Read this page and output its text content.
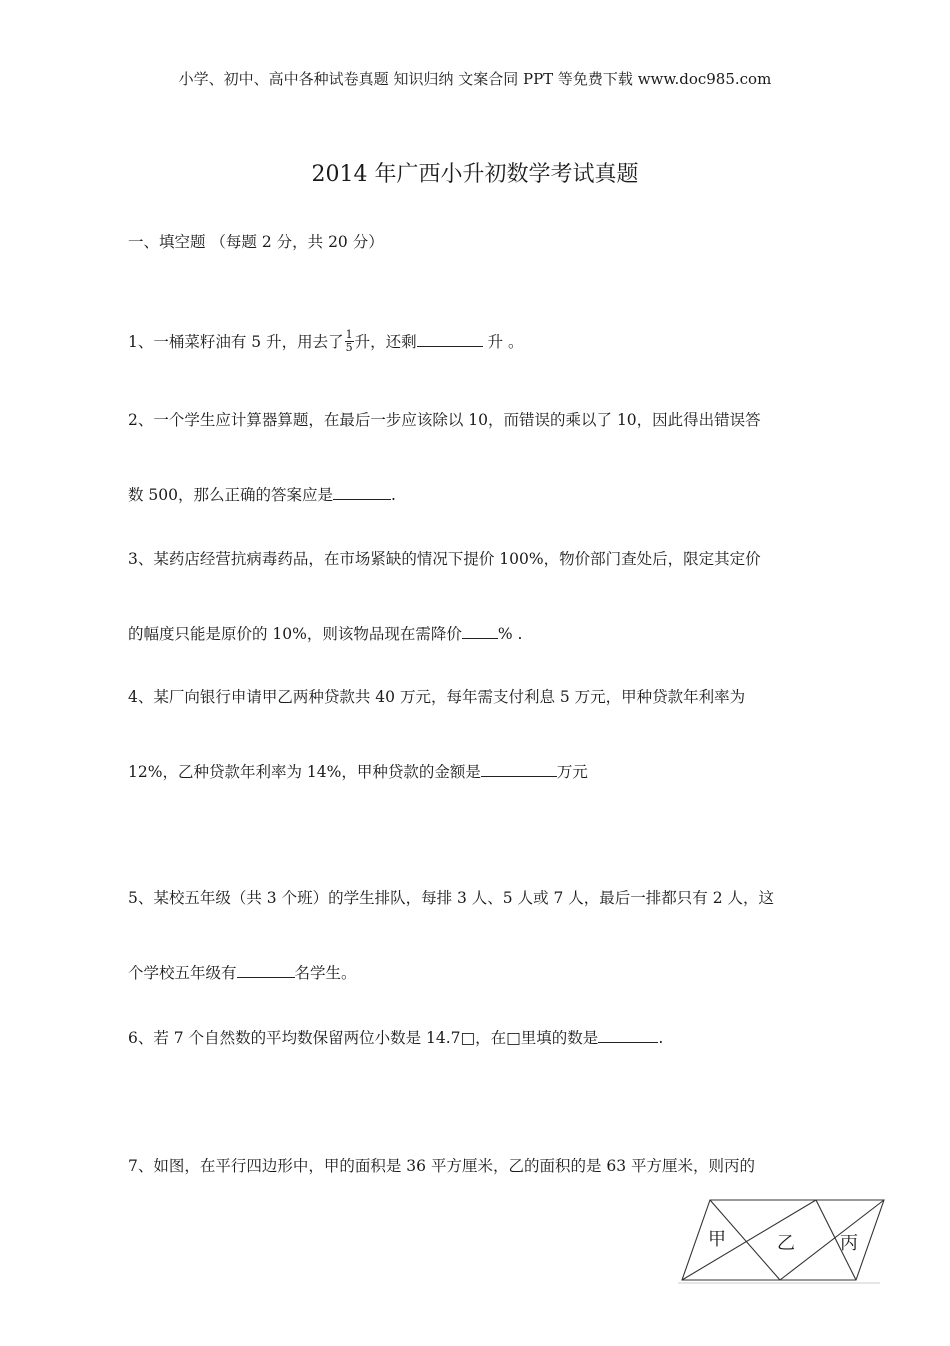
小学、初中、高中各种试卷真题 知识归纳 文案合同 PPT 等免费下载 www.doc985.com
2014 年广西小升初数学考试真题
一、填空题 （每题 2 分，共 20 分）
1、一桶菜籽油有 5 升，用去了 $\frac{1}{5}$ 升，还剩	升 。
2、一个学生应计算器算题，在最后一步应该除以 10，而错误的乘以了 10，因此得出错误答
数 500，那么正确的答案应是	.
3、某药店经营抗病毒药品，在市场紧缺的情况下提价 100%，物价部门查处后，限定其定价
的幅度只能是原价的 10%，则该物品现在需降价 % .
4、某厂向银行申请甲乙两种贷款共 40 万元，每年需支付利息 5 万元，甲种贷款年利率为
12%，乙种贷款年利率为 14%，甲种贷款的金额是	万元
5、某校五年级（共 3 个班）的学生排队，每排 3 人、5 人或 7 人，最后一排都只有 2 人，这
个学校五年级有	名学生。
6、若 7 个自然数的平均数保留两位小数是 14.7□，在□里填的数是	.
7、如图，在平行四边形中，甲的面积是 36 平方厘米，乙的面积的是 63 平方厘米，则丙的
甲	乙	丙
